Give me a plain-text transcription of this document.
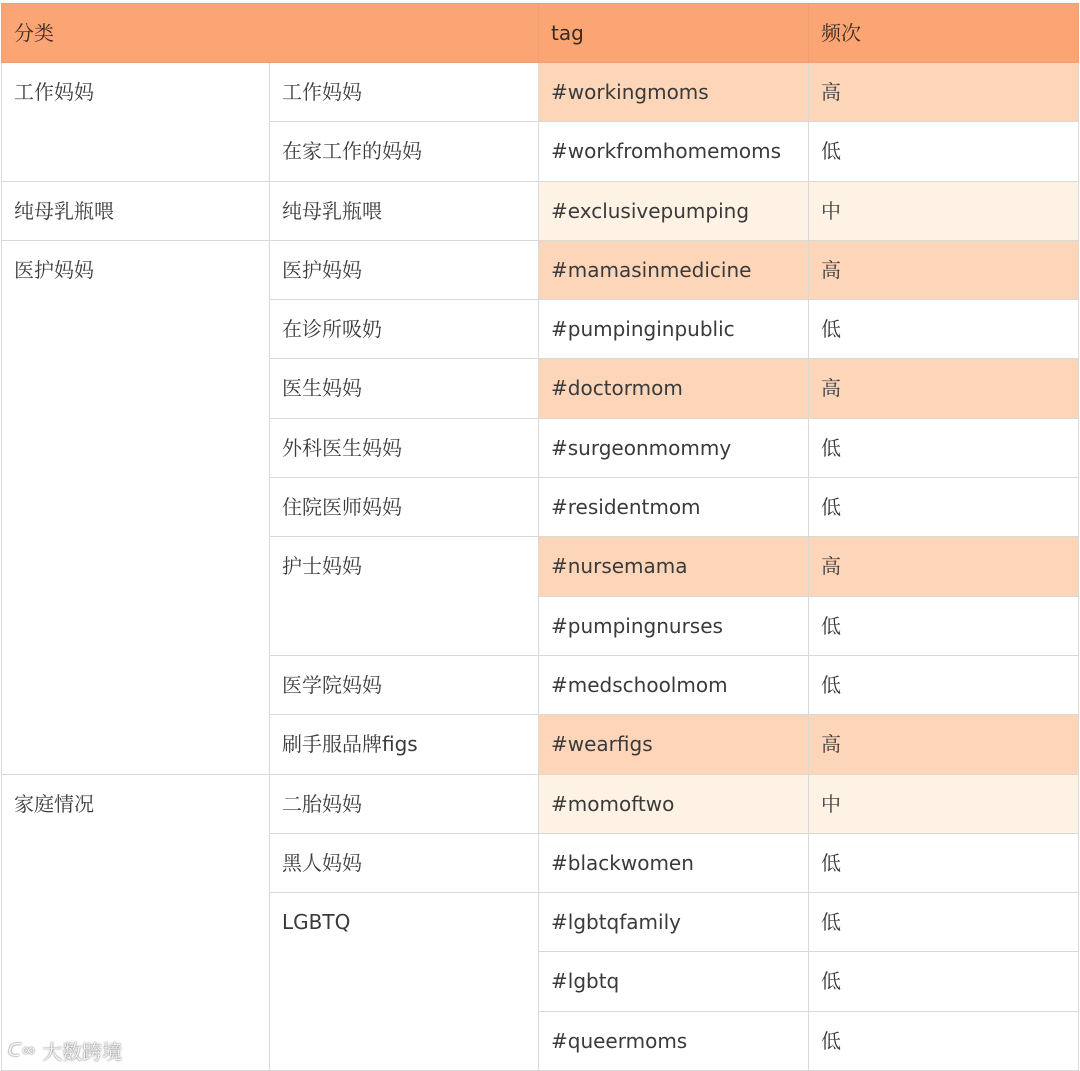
分类		tag	频次
工作妈妈	工作妈妈	#workingmoms	高
	在家工作的妈妈	#workfromhomemoms	低
纯母乳瓶喂	纯母乳瓶喂	#exclusivepumping	中
医护妈妈	医护妈妈	#mamasinmedicine	高
	在诊所吸奶	#pumpinginpublic	低
	医生妈妈	#doctormom	高
	外科医生妈妈	#surgeonmommy	低
	住院医师妈妈	#residentmom	低
	护士妈妈	#nursemama	高
		#pumpingnurses	低
	医学院妈妈	#medschoolmom	低
	刷手服品牌figs	#wearfigs	高
家庭情况	二胎妈妈	#momoftwo	中
	黑人妈妈	#blackwomen	低
	LGBTQ	#lgbtqfamily	低
		#lgbtq	低
		#queermoms	低
ᑕ∞ 大数跨境
